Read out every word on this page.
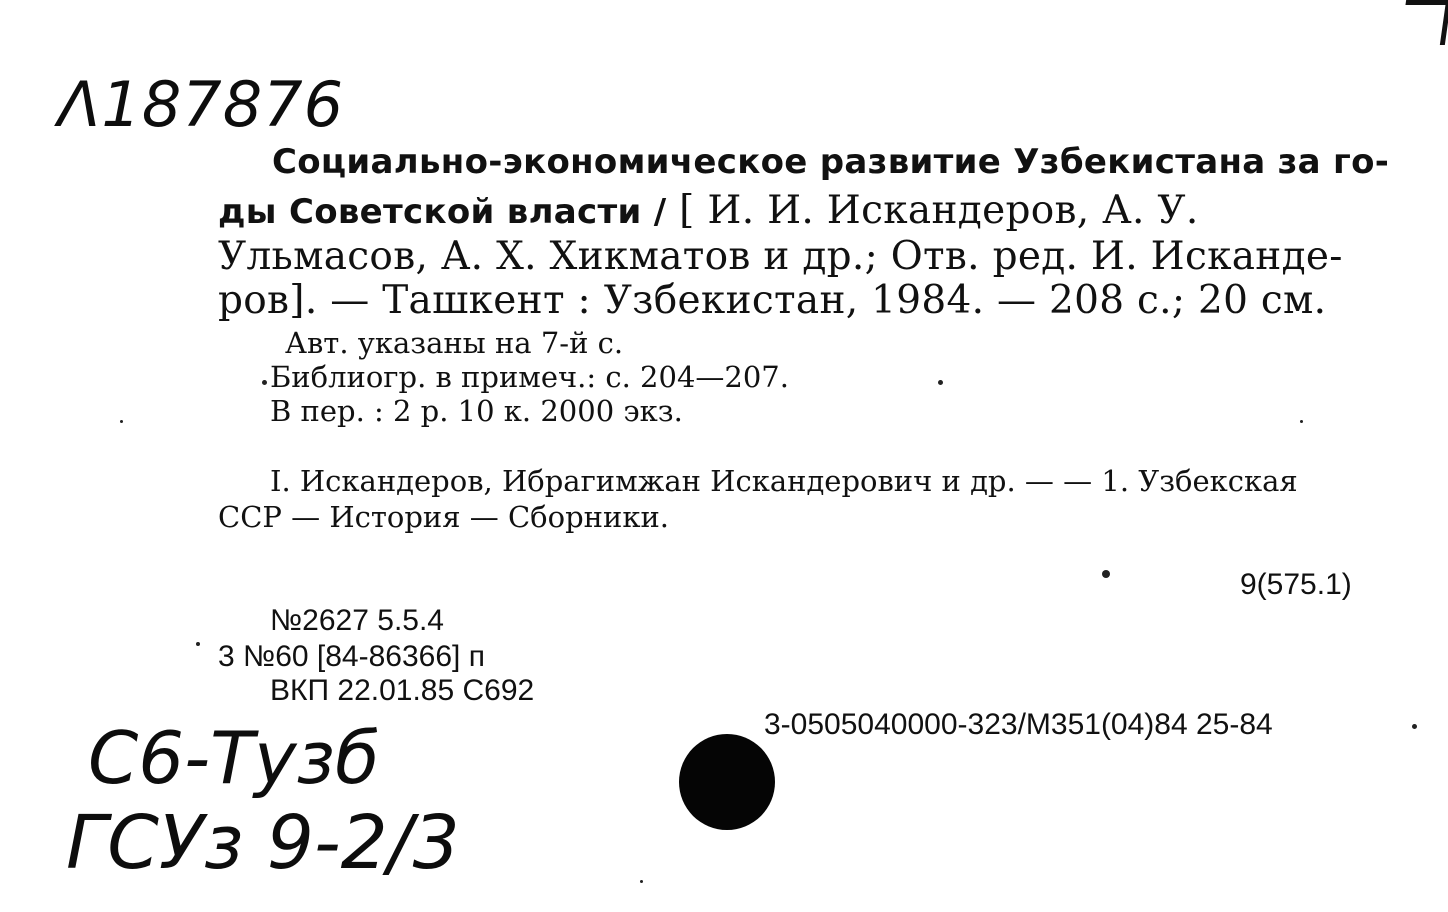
Λ187876
Социально-экономическое развитие Узбекистана за го-
ды Советской власти / [ И. И. Искандеров, А. У.
Ульмасов, А. Х. Хикматов и др.; Отв. ред. И. Исканде-
ров]. — Ташкент : Узбекистан, 1984. — 208 с.; 20 см.
Авт. указаны на 7-й с.
Библиогр. в примеч.: с. 204—207.
В пер. : 2 р. 10 к. 2000 экз.
I. Искандеров, Ибрагимжан Искандерович и др. — — 1. Узбекская
ССР — История — Сборники.
9(575.1)
№2627 5.5.4
3 №60 [84-86366] п
ВКП 22.01.85 С692
3-0505040000-323/М351(04)84 25-84
С6-Тузб
ГСУз 9-2/3
